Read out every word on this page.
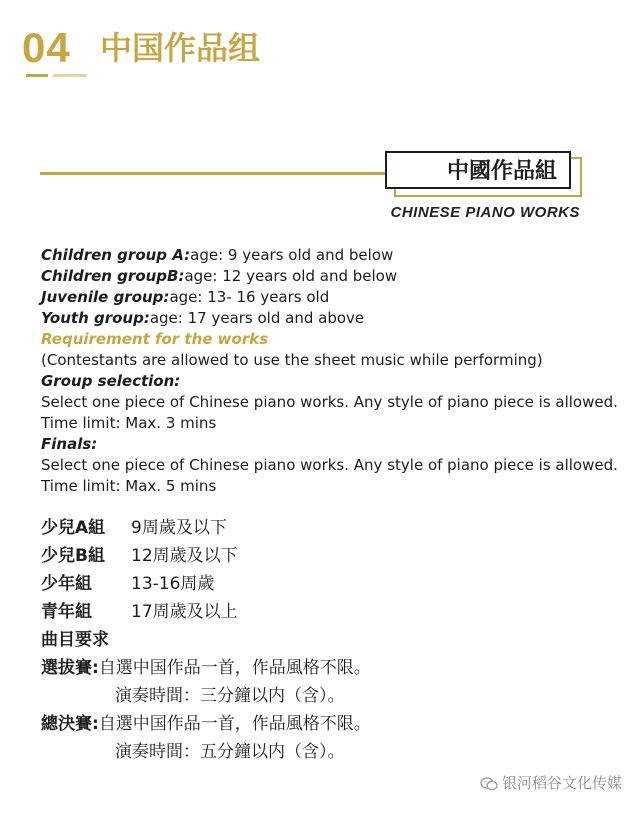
04 中国作品组
中國作品組
CHINESE PIANO WORKS
Children group A:age: 9 years old and below
Children groupB:age: 12 years old and below
Juvenile group:age: 13- 16 years old
Youth group:age: 17 years old and above
Requirement for the works
(Contestants are allowed to use the sheet music while performing)
Group selection:
Select one piece of Chinese piano works. Any style of piano piece is allowed.
Time limit: Max. 3 mins
Finals:
Select one piece of Chinese piano works. Any style of piano piece is allowed.
Time limit: Max. 5 mins
少兒A組 9周歲及以下
少兒B組 12周歲及以下
少年組 13-16周歲
青年組 17周歲及以上
曲目要求
選拔賽:自選中国作品一首，作品風格不限。
演奏時間：三分鐘以内（含）。
總決賽:自選中国作品一首，作品風格不限。
演奏時間：五分鐘以内（含）。
银河稻谷文化传媒
